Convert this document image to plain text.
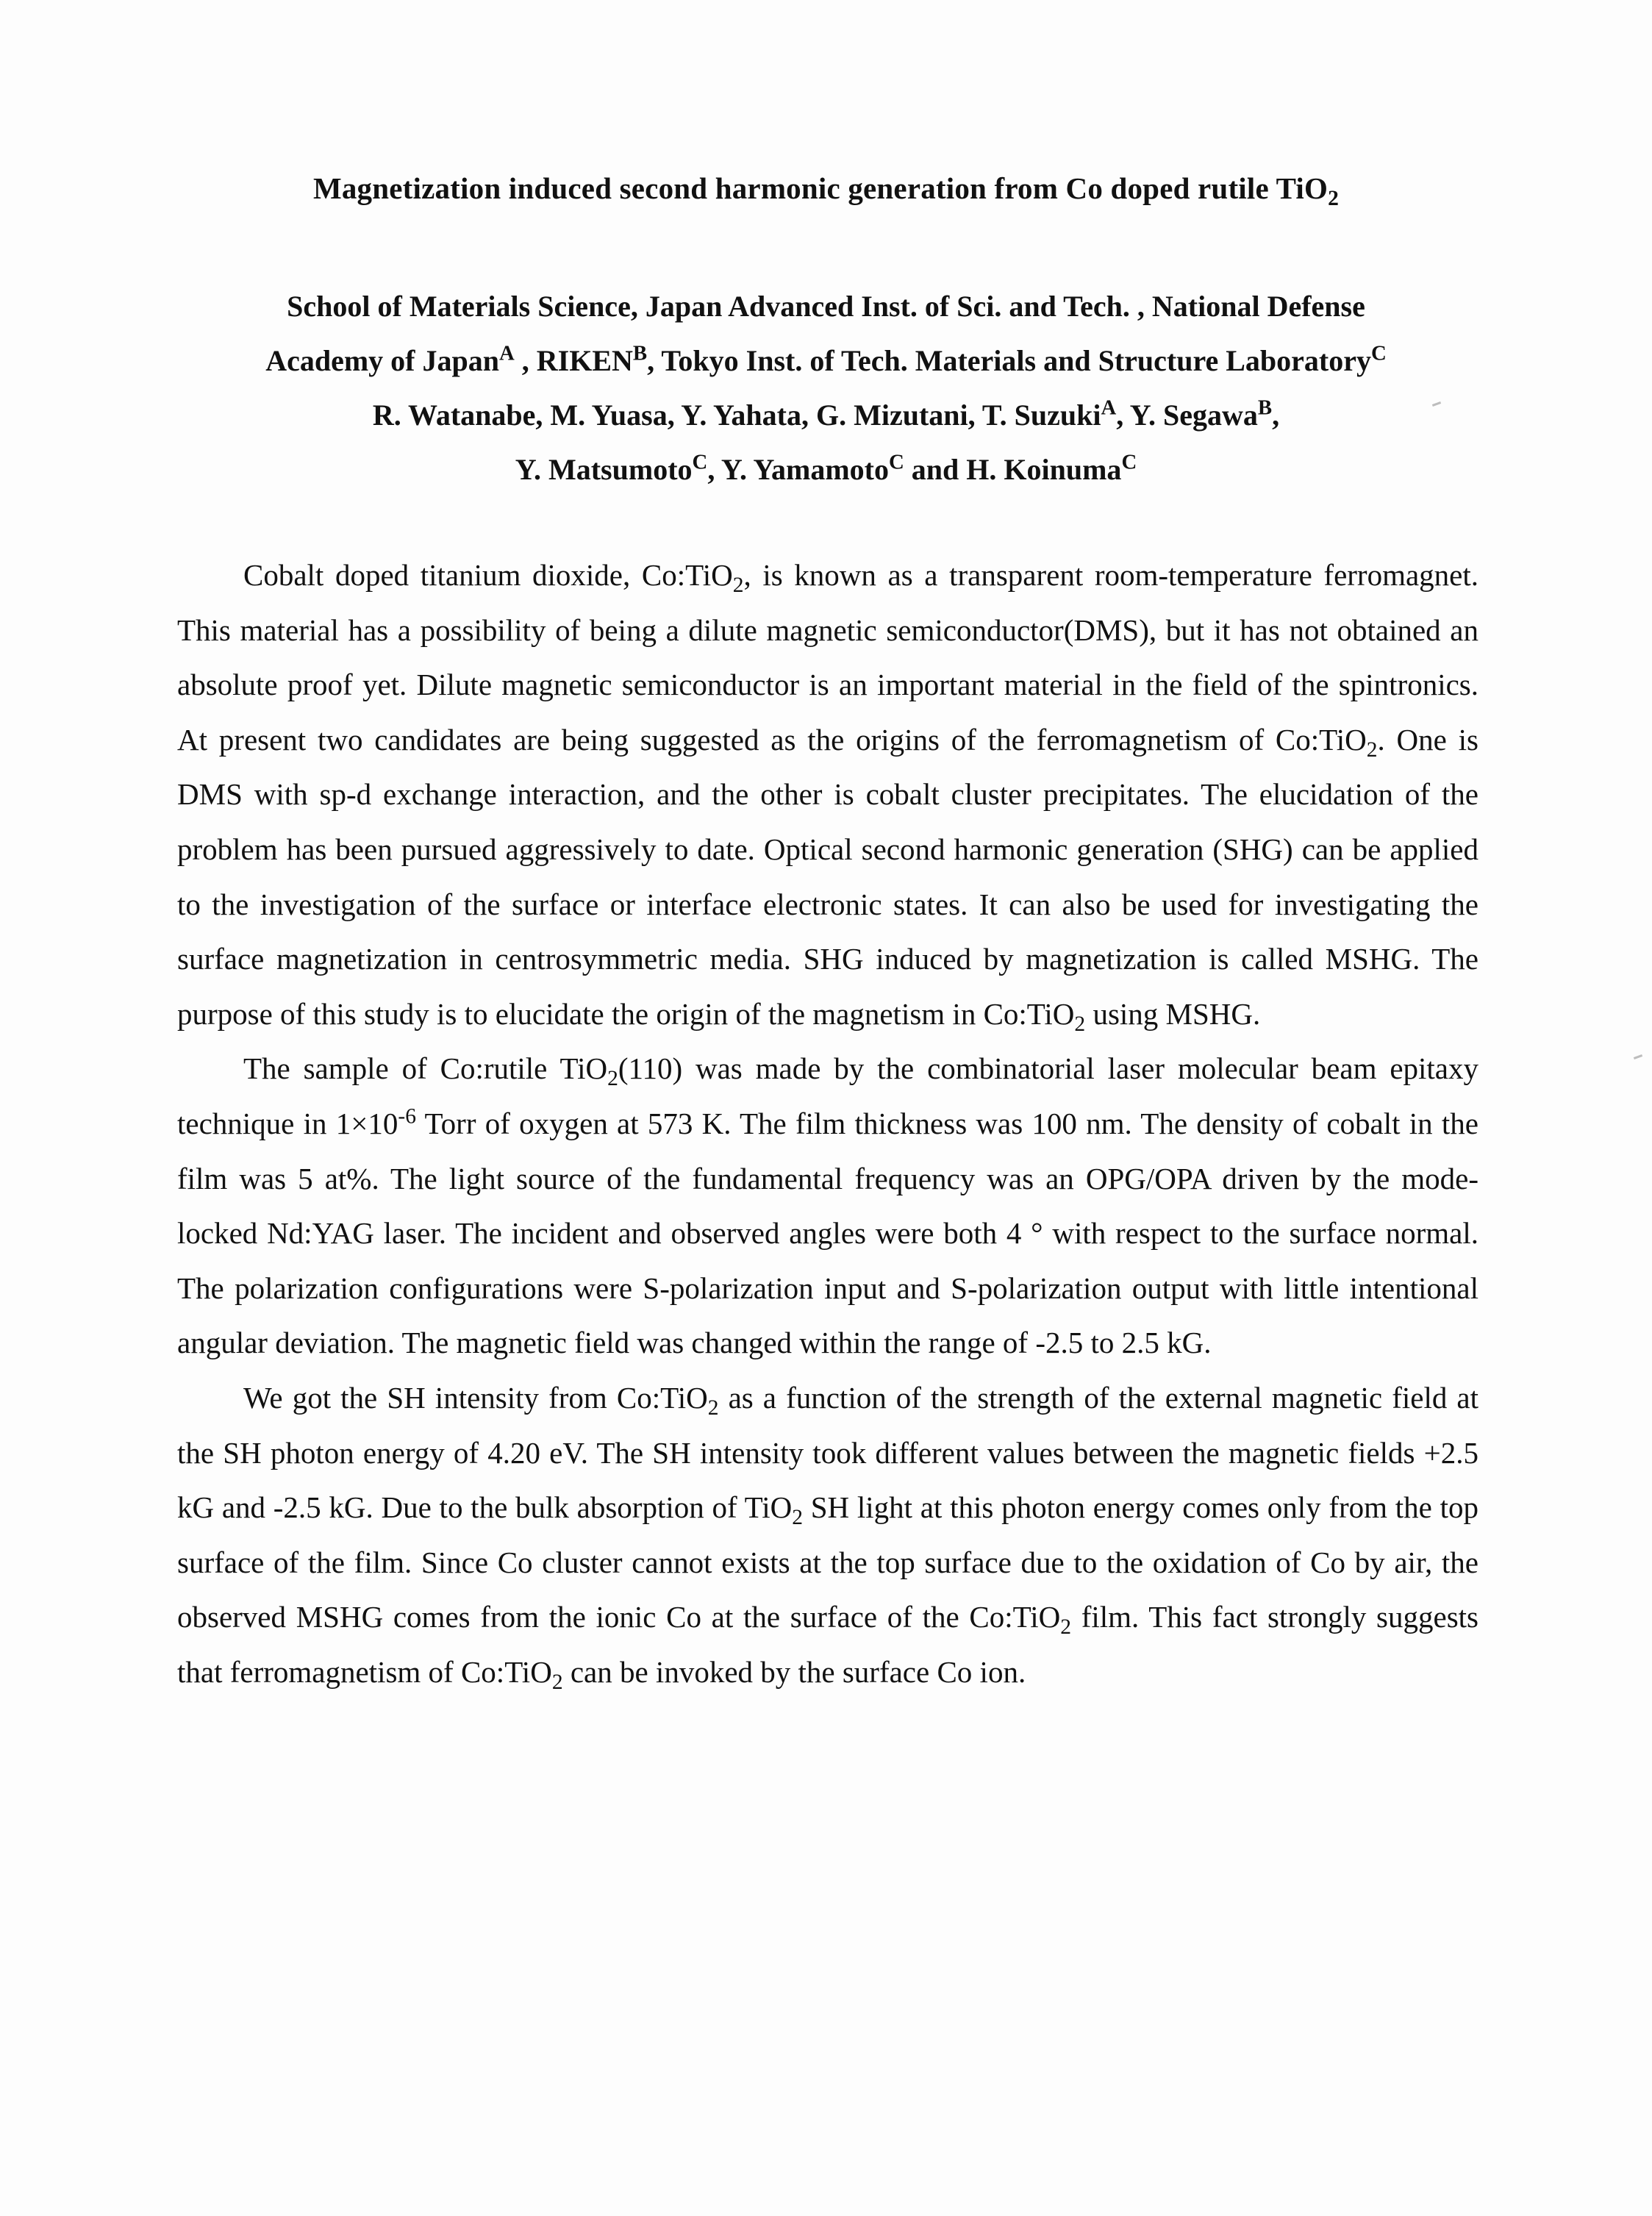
Magnetization induced second harmonic generation from Co doped rutile TiO$_2$
School of Materials Science, Japan Advanced Inst. of Sci. and Tech. , National Defense
Academy of Japan$^A$ , $RIKEN^B$, Tokyo Inst. of Tech. Materials and Structure Laboratory$^C$
R. Watanabe, M. Yuasa, Y. Yahata, G. Mizutani, T. Suzuki$^A$, Y. Segawa$^B$,
Y. Matsumoto$^C$, Y. Yamamoto$^C$ and H. Koinuma$^C$

Cobalt doped titanium dioxide, Co:TiO$_2$, is known as a transparent room-temperature ferromagnet. This material has a possibility of being a dilute magnetic semiconductor(DMS), but it has not obtained an absolute proof yet. Dilute magnetic semiconductor is an important material in the field of the spintronics. At present two candidates are being suggested as the origins of the ferromagnetism of Co:TiO$_2$. One is DMS with sp-d exchange interaction, and the other is cobalt cluster precipitates. The elucidation of the problem has been pursued aggressively to date. Optical second harmonic generation (SHG) can be applied to the investigation of the surface or interface electronic states. It can also be used for investigating the surface magnetization in centrosymmetric media. SHG induced by magnetization is called MSHG. The purpose of this study is to elucidate the origin of the magnetism in Co:TiO$_2$ using MSHG.

The sample of Co:rutile TiO$_2$(110) was made by the combinatorial laser molecular beam epitaxy technique in $1\times 10^{-6}$ Torr of oxygen at 573 K. The film thickness was 100 nm. The density of cobalt in the film was 5 at%. The light source of the fundamental frequency was an OPG/OPA driven by the mode-locked Nd:YAG laser. The incident and observed angles were both 4 ° with respect to the surface normal. The polarization configurations were S-polarization input and S-polarization output with little intentional angular deviation. The magnetic field was changed within the range of -2.5 to 2.5 kG.

We got the SH intensity from Co:TiO$_2$ as a function of the strength of the external magnetic field at the SH photon energy of 4.20 eV. The SH intensity took different values between the magnetic fields +2.5 kG and -2.5 kG. Due to the bulk absorption of TiO$_2$ SH light at this photon energy comes only from the top surface of the film. Since Co cluster cannot exists at the top surface due to the oxidation of Co by air, the observed MSHG comes from the ionic Co at the surface of the Co:TiO$_2$ film. This fact strongly suggests that ferromagnetism of Co:TiO$_2$ can be invoked by the surface Co ion.
